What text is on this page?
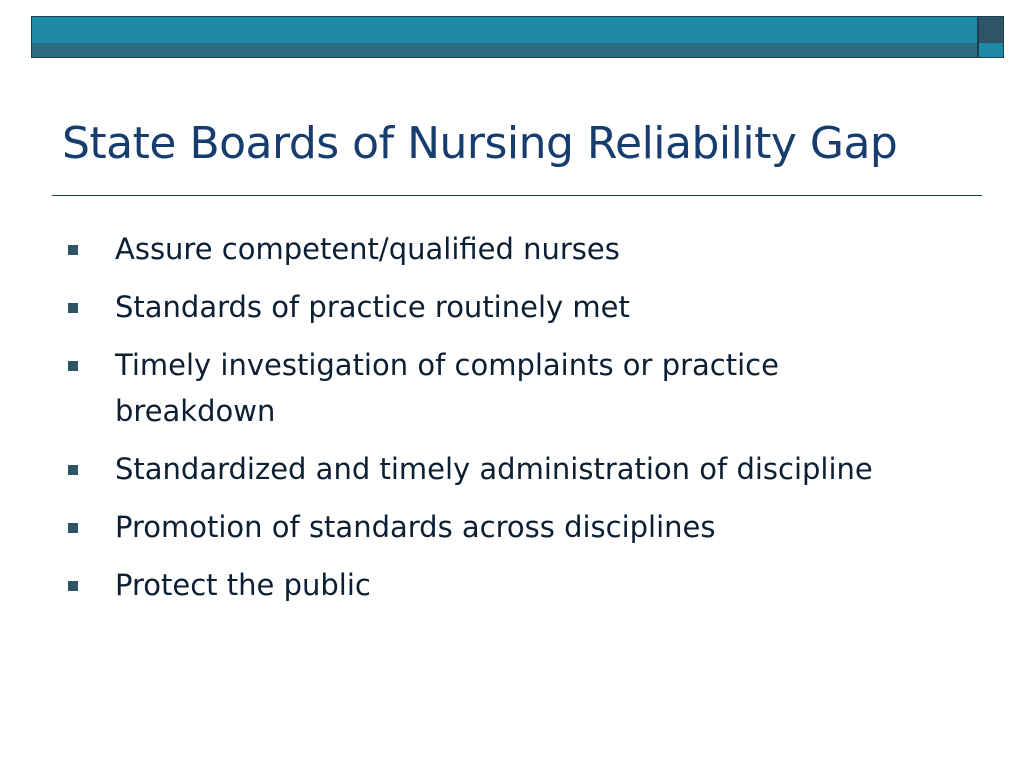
State Boards of Nursing Reliability Gap
Assure competent/qualified nurses
Standards of practice routinely met
Timely investigation of complaints or practice breakdown
Standardized and timely administration of discipline
Promotion of standards across disciplines
Protect the public
